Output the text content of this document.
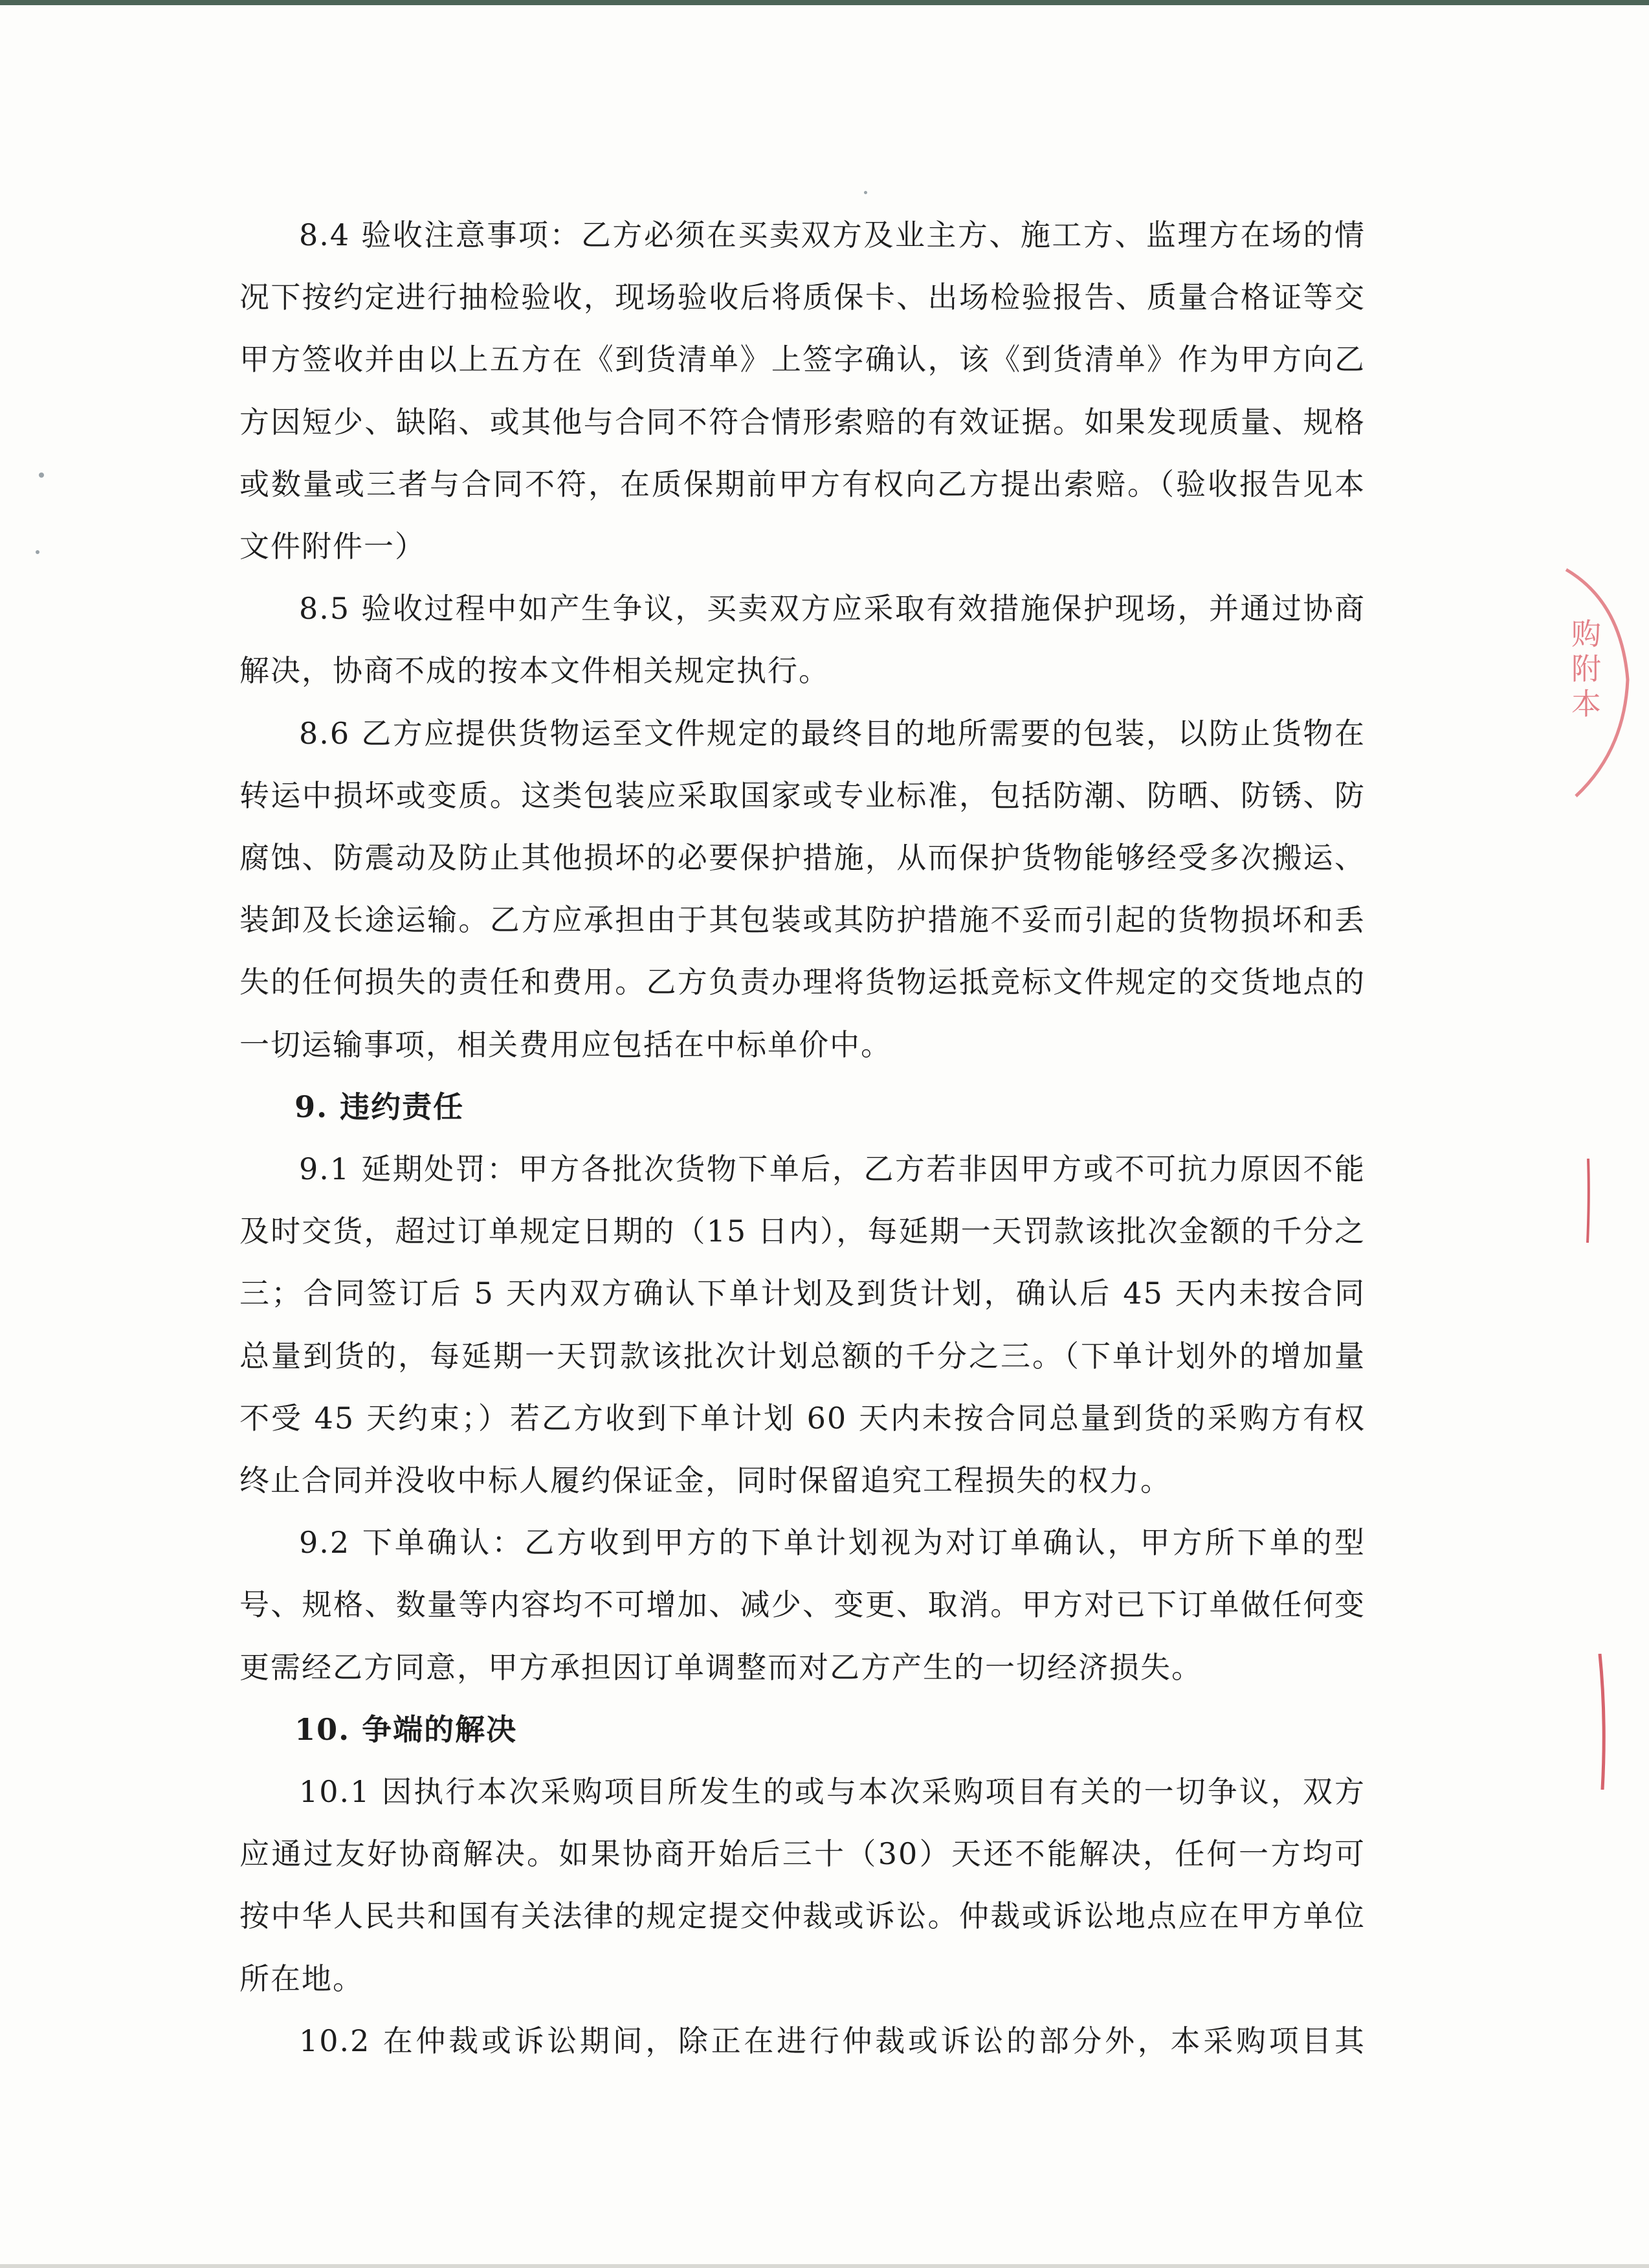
8.4 验收注意事项：乙方必须在买卖双方及业主方、施工方、监理方在场的情况下按约定进行抽检验收，现场验收后将质保卡、出场检验报告、质量合格证等交甲方签收并由以上五方在《到货清单》上签字确认，该《到货清单》作为甲方向乙方因短少、缺陷、或其他与合同不符合情形索赔的有效证据。如果发现质量、规格或数量或三者与合同不符，在质保期前甲方有权向乙方提出索赔。（验收报告见本文件附件一）

8.5 验收过程中如产生争议，买卖双方应采取有效措施保护现场，并通过协商解决，协商不成的按本文件相关规定执行。

8.6 乙方应提供货物运至文件规定的最终目的地所需要的包装，以防止货物在转运中损坏或变质。这类包装应采取国家或专业标准，包括防潮、防晒、防锈、防腐蚀、防震动及防止其他损坏的必要保护措施，从而保护货物能够经受多次搬运、装卸及长途运输。乙方应承担由于其包装或其防护措施不妥而引起的货物损坏和丢失的任何损失的责任和费用。乙方负责办理将货物运抵竞标文件规定的交货地点的一切运输事项，相关费用应包括在中标单价中。

9. 违约责任

9.1 延期处罚：甲方各批次货物下单后，乙方若非因甲方或不可抗力原因不能及时交货，超过订单规定日期的（15 日内），每延期一天罚款该批次金额的千分之三；合同签订后 5 天内双方确认下单计划及到货计划，确认后 45 天内未按合同总量到货的，每延期一天罚款该批次计划总额的千分之三。（下单计划外的增加量不受 45 天约束；）若乙方收到下单计划 60 天内未按合同总量到货的采购方有权终止合同并没收中标人履约保证金，同时保留追究工程损失的权力。

9.2 下单确认：乙方收到甲方的下单计划视为对订单确认，甲方所下单的型号、规格、数量等内容均不可增加、减少、变更、取消。甲方对已下订单做任何变更需经乙方同意，甲方承担因订单调整而对乙方产生的一切经济损失。

10. 争端的解决

10.1 因执行本次采购项目所发生的或与本次采购项目有关的一切争议，双方应通过友好协商解决。如果协商开始后三十（30）天还不能解决，任何一方均可按中华人民共和国有关法律的规定提交仲裁或诉讼。仲裁或诉讼地点应在甲方单位所在地。

10.2 在仲裁或诉讼期间，除正在进行仲裁或诉讼的部分外，本采购项目其

购附本
